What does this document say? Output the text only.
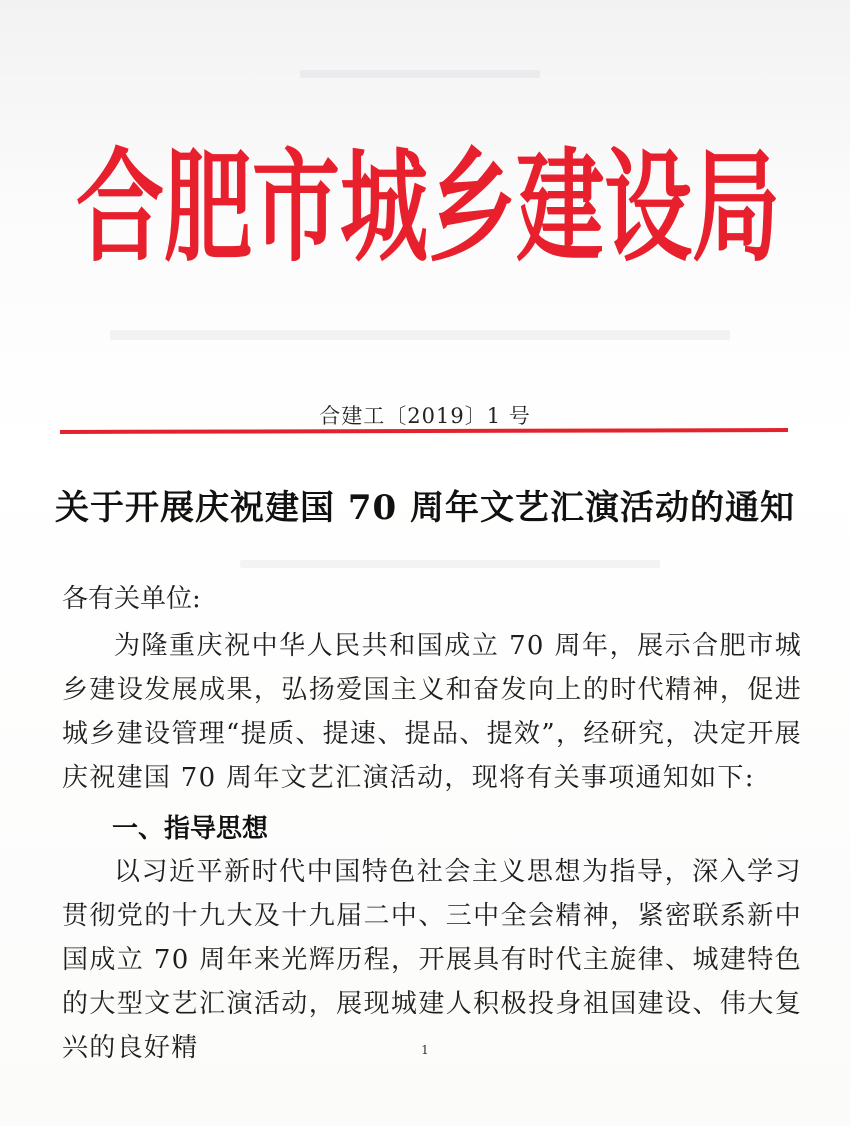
合 肥 市 城 乡 建 设 局
合建工〔2019〕1 号
关于开展庆祝建国 70 周年文艺汇演活动的通知
各有关单位:

为隆重庆祝中华人民共和国成立 70 周年，展示合肥市城乡建设发展成果，弘扬爱国主义和奋发向上的时代精神，促进城乡建设管理“提质、提速、提品、提效”，经研究，决定开展庆祝建国 70 周年文艺汇演活动，现将有关事项通知如下:

一、指导思想

以习近平新时代中国特色社会主义思想为指导，深入学习贯彻党的十九大及十九届二中、三中全会精神，紧密联系新中国成立 70 周年来光辉历程，开展具有时代主旋律、城建特色的大型文艺汇演活动，展现城建人积极投身祖国建设、伟大复兴的良好精	1
